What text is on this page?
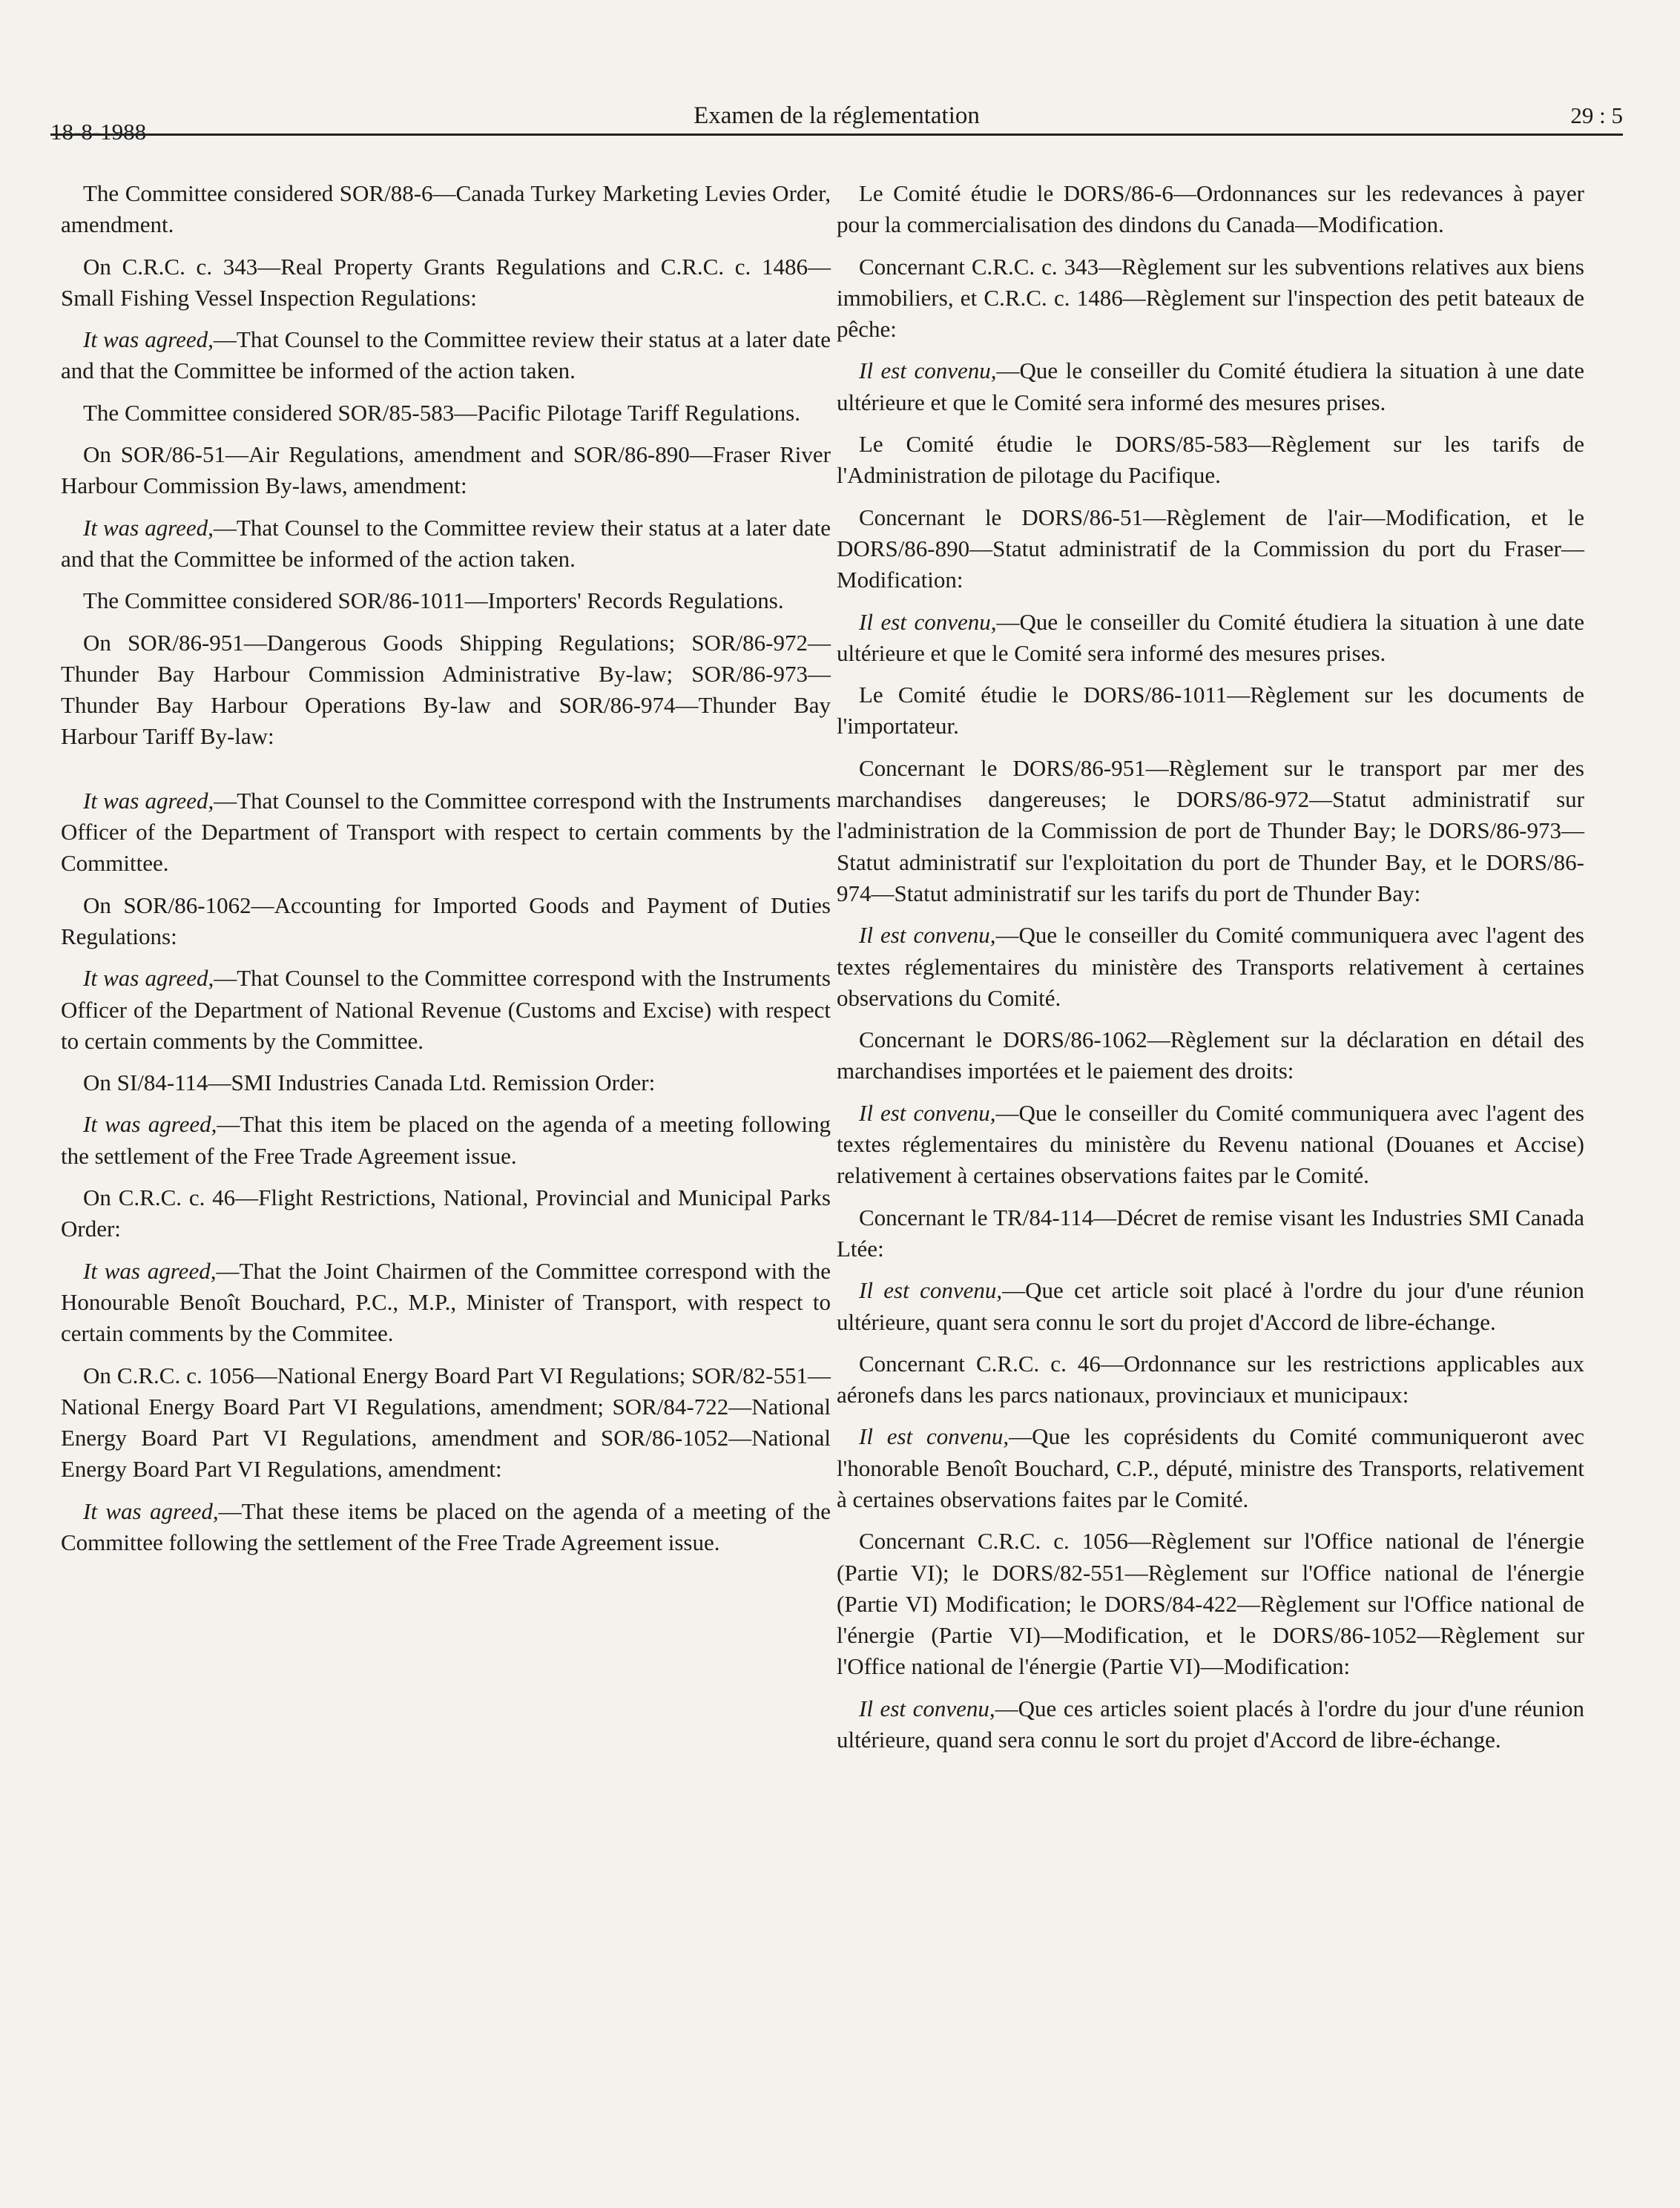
18-8-1988
Examen de la réglementation	29 : 5

The Committee considered SOR/88-6—Canada Turkey Marketing Levies Order, amendment.

On C.R.C. c. 343—Real Property Grants Regulations and C.R.C. c. 1486—Small Fishing Vessel Inspection Regulations:

It was agreed,—That Counsel to the Committee review their status at a later date and that the Committee be informed of the action taken.

The Committee considered SOR/85-583—Pacific Pilotage Tariff Regulations.

On SOR/86-51—Air Regulations, amendment and SOR/86-890—Fraser River Harbour Commission By-laws, amendment:

It was agreed,—That Counsel to the Committee review their status at a later date and that the Committee be informed of the action taken.

The Committee considered SOR/86-1011—Importers' Records Regulations.

On SOR/86-951—Dangerous Goods Shipping Regulations; SOR/86-972—Thunder Bay Harbour Commission Administrative By-law; SOR/86-973—Thunder Bay Harbour Operations By-law and SOR/86-974—Thunder Bay Harbour Tariff By-law:

It was agreed,—That Counsel to the Committee correspond with the Instruments Officer of the Department of Transport with respect to certain comments by the Committee.

On SOR/86-1062—Accounting for Imported Goods and Payment of Duties Regulations:

It was agreed,—That Counsel to the Committee correspond with the Instruments Officer of the Department of National Revenue (Customs and Excise) with respect to certain comments by the Committee.

On SI/84-114—SMI Industries Canada Ltd. Remission Order:

It was agreed,—That this item be placed on the agenda of a meeting following the settlement of the Free Trade Agreement issue.

On C.R.C. c. 46—Flight Restrictions, National, Provincial and Municipal Parks Order:

It was agreed,—That the Joint Chairmen of the Committee correspond with the Honourable Benoît Bouchard, P.C., M.P., Minister of Transport, with respect to certain comments by the Commitee.

On C.R.C. c. 1056—National Energy Board Part VI Regulations; SOR/82-551—National Energy Board Part VI Regulations, amendment; SOR/84-722—National Energy Board Part VI Regulations, amendment and SOR/86-1052—National Energy Board Part VI Regulations, amendment:

It was agreed,—That these items be placed on the agenda of a meeting of the Committee following the settlement of the Free Trade Agreement issue.

Le Comité étudie le DORS/86-6—Ordonnances sur les redevances à payer pour la commercialisation des dindons du Canada—Modification.

Concernant C.R.C. c. 343—Règlement sur les subventions relatives aux biens immobiliers, et C.R.C. c. 1486—Règlement sur l'inspection des petit bateaux de pêche:

Il est convenu,—Que le conseiller du Comité étudiera la situation à une date ultérieure et que le Comité sera informé des mesures prises.

Le Comité étudie le DORS/85-583—Règlement sur les tarifs de l'Administration de pilotage du Pacifique.

Concernant le DORS/86-51—Règlement de l'air—Modification, et le DORS/86-890—Statut administratif de la Commission du port du Fraser—Modification:

Il est convenu,—Que le conseiller du Comité étudiera la situation à une date ultérieure et que le Comité sera informé des mesures prises.

Le Comité étudie le DORS/86-1011—Règlement sur les documents de l'importateur.

Concernant le DORS/86-951—Règlement sur le transport par mer des marchandises dangereuses; le DORS/86-972—Statut administratif sur l'administration de la Commission de port de Thunder Bay; le DORS/86-973—Statut administratif sur l'exploitation du port de Thunder Bay, et le DORS/86-974—Statut administratif sur les tarifs du port de Thunder Bay:

Il est convenu,—Que le conseiller du Comité communiquera avec l'agent des textes réglementaires du ministère des Transports relativement à certaines observations du Comité.

Concernant le DORS/86-1062—Règlement sur la déclaration en détail des marchandises importées et le paiement des droits:

Il est convenu,—Que le conseiller du Comité communiquera avec l'agent des textes réglementaires du ministère du Revenu national (Douanes et Accise) relativement à certaines observations faites par le Comité.

Concernant le TR/84-114—Décret de remise visant les Industries SMI Canada Ltée:

Il est convenu,—Que cet article soit placé à l'ordre du jour d'une réunion ultérieure, quant sera connu le sort du projet d'Accord de libre-échange.

Concernant C.R.C. c. 46—Ordonnance sur les restrictions applicables aux aéronefs dans les parcs nationaux, provinciaux et municipaux:

Il est convenu,—Que les coprésidents du Comité communiqueront avec l'honorable Benoît Bouchard, C.P., député, ministre des Transports, relativement à certaines observations faites par le Comité.

Concernant C.R.C. c. 1056—Règlement sur l'Office national de l'énergie (Partie VI); le DORS/82-551—Règlement sur l'Office national de l'énergie (Partie VI) Modification; le DORS/84-422—Règlement sur l'Office national de l'énergie (Partie VI)—Modification, et le DORS/86-1052—Règlement sur l'Office national de l'énergie (Partie VI)—Modification:

Il est convenu,—Que ces articles soient placés à l'ordre du jour d'une réunion ultérieure, quand sera connu le sort du projet d'Accord de libre-échange.
